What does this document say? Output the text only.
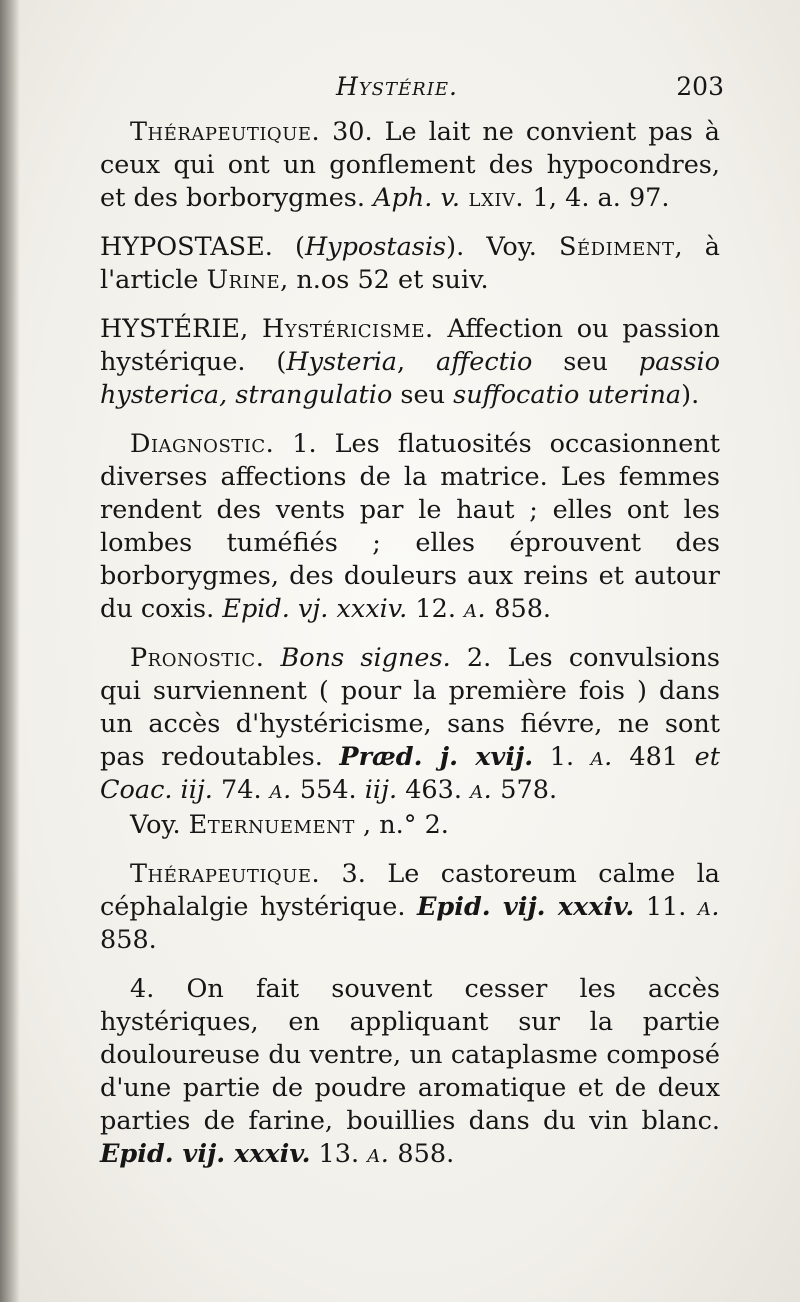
Hystérie.	203

Thérapeutique. 30. Le lait ne convient pas à ceux qui ont un gonflement des hypocondres, et des borborygmes. Aph. v. lxiv. 1, 4. a. 97.

HYPOSTASE. (Hypostasis). Voy. Sédiment, à l'article Urine, n.os 52 et suiv.

HYSTÉRIE, Hystéricisme. Affection ou passion hystérique. (Hysteria, affectio seu passio hysterica, strangulatio seu suffocatio uterina).

Diagnostic. 1. Les flatuosités occasionnent diverses affections de la matrice. Les femmes rendent des vents par le haut ; elles ont les lombes tuméfiés ; elles éprouvent des borborygmes, des douleurs aux reins et autour du coxis. Epid. vj. xxxiv. 12. a. 858.

Pronostic. Bons signes. 2. Les convulsions qui surviennent ( pour la première fois ) dans un accès d'hystéricisme, sans fiévre, ne sont pas redoutables. Præd. j. xvij. 1. a. 481 et Coac. iij. 74. a. 554. iij. 463. a. 578.

Voy. Eternuement , n.° 2.

Thérapeutique. 3. Le castoreum calme la céphalalgie hystérique. Epid. vij. xxxiv. 11. a. 858.

4. On fait souvent cesser les accès hystériques, en appliquant sur la partie douloureuse du ventre, un cataplasme composé d'une partie de poudre aromatique et de deux parties de farine, bouillies dans du vin blanc. Epid. vij. xxxiv. 13. a. 858.
